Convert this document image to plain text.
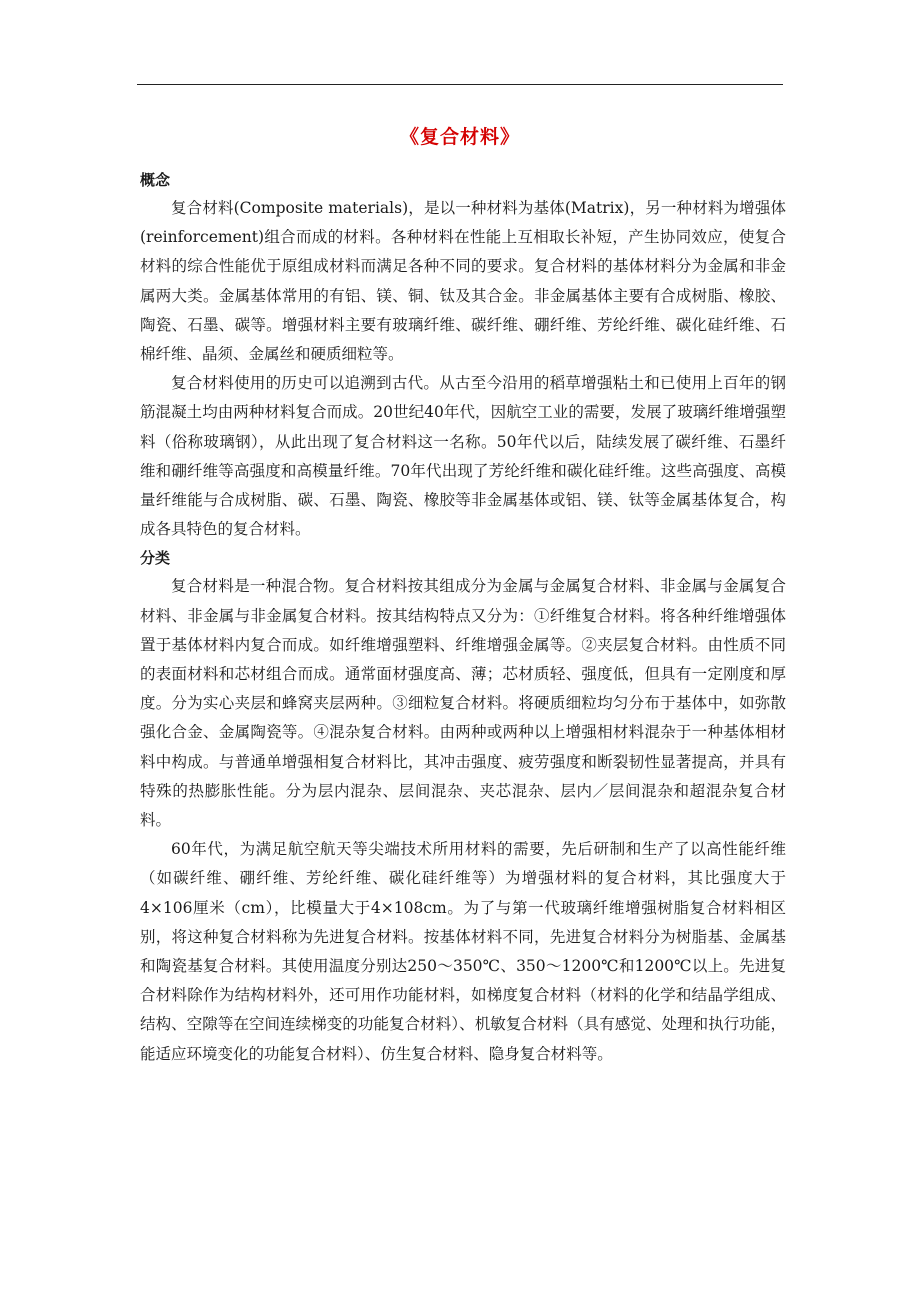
《复合材料》
概念

复合材料(Composite materials)，是以一种材料为基体(Matrix)，另一种材料为增强体(reinforcement)组合而成的材料。各种材料在性能上互相取长补短，产生协同效应，使复合材料的综合性能优于原组成材料而满足各种不同的要求。复合材料的基体材料分为金属和非金属两大类。金属基体常用的有铝、镁、铜、钛及其合金。非金属基体主要有合成树脂、橡胶、陶瓷、石墨、碳等。增强材料主要有玻璃纤维、碳纤维、硼纤维、芳纶纤维、碳化硅纤维、石棉纤维、晶须、金属丝和硬质细粒等。

复合材料使用的历史可以追溯到古代。从古至今沿用的稻草增强粘土和已使用上百年的钢筋混凝土均由两种材料复合而成。20世纪40年代，因航空工业的需要，发展了玻璃纤维增强塑料（俗称玻璃钢），从此出现了复合材料这一名称。50年代以后，陆续发展了碳纤维、石墨纤维和硼纤维等高强度和高模量纤维。70年代出现了芳纶纤维和碳化硅纤维。这些高强度、高模量纤维能与合成树脂、碳、石墨、陶瓷、橡胶等非金属基体或铝、镁、钛等金属基体复合，构成各具特色的复合材料。

分类

复合材料是一种混合物。复合材料按其组成分为金属与金属复合材料、非金属与金属复合材料、非金属与非金属复合材料。按其结构特点又分为：①纤维复合材料。将各种纤维增强体置于基体材料内复合而成。如纤维增强塑料、纤维增强金属等。②夹层复合材料。由性质不同的表面材料和芯材组合而成。通常面材强度高、薄；芯材质轻、强度低，但具有一定刚度和厚度。分为实心夹层和蜂窝夹层两种。③细粒复合材料。将硬质细粒均匀分布于基体中，如弥散强化合金、金属陶瓷等。④混杂复合材料。由两种或两种以上增强相材料混杂于一种基体相材料中构成。与普通单增强相复合材料比，其冲击强度、疲劳强度和断裂韧性显著提高，并具有特殊的热膨胀性能。分为层内混杂、层间混杂、夹芯混杂、层内／层间混杂和超混杂复合材料。

60年代，为满足航空航天等尖端技术所用材料的需要，先后研制和生产了以高性能纤维（如碳纤维、硼纤维、芳纶纤维、碳化硅纤维等）为增强材料的复合材料，其比强度大于4×106厘米（cm），比模量大于4×108cm。为了与第一代玻璃纤维增强树脂复合材料相区别，将这种复合材料称为先进复合材料。按基体材料不同，先进复合材料分为树脂基、金属基和陶瓷基复合材料。其使用温度分别达250～350℃、350～1200℃和1200℃以上。先进复合材料除作为结构材料外，还可用作功能材料，如梯度复合材料（材料的化学和结晶学组成、结构、空隙等在空间连续梯变的功能复合材料）、机敏复合材料（具有感觉、处理和执行功能，能适应环境变化的功能复合材料）、仿生复合材料、隐身复合材料等。
